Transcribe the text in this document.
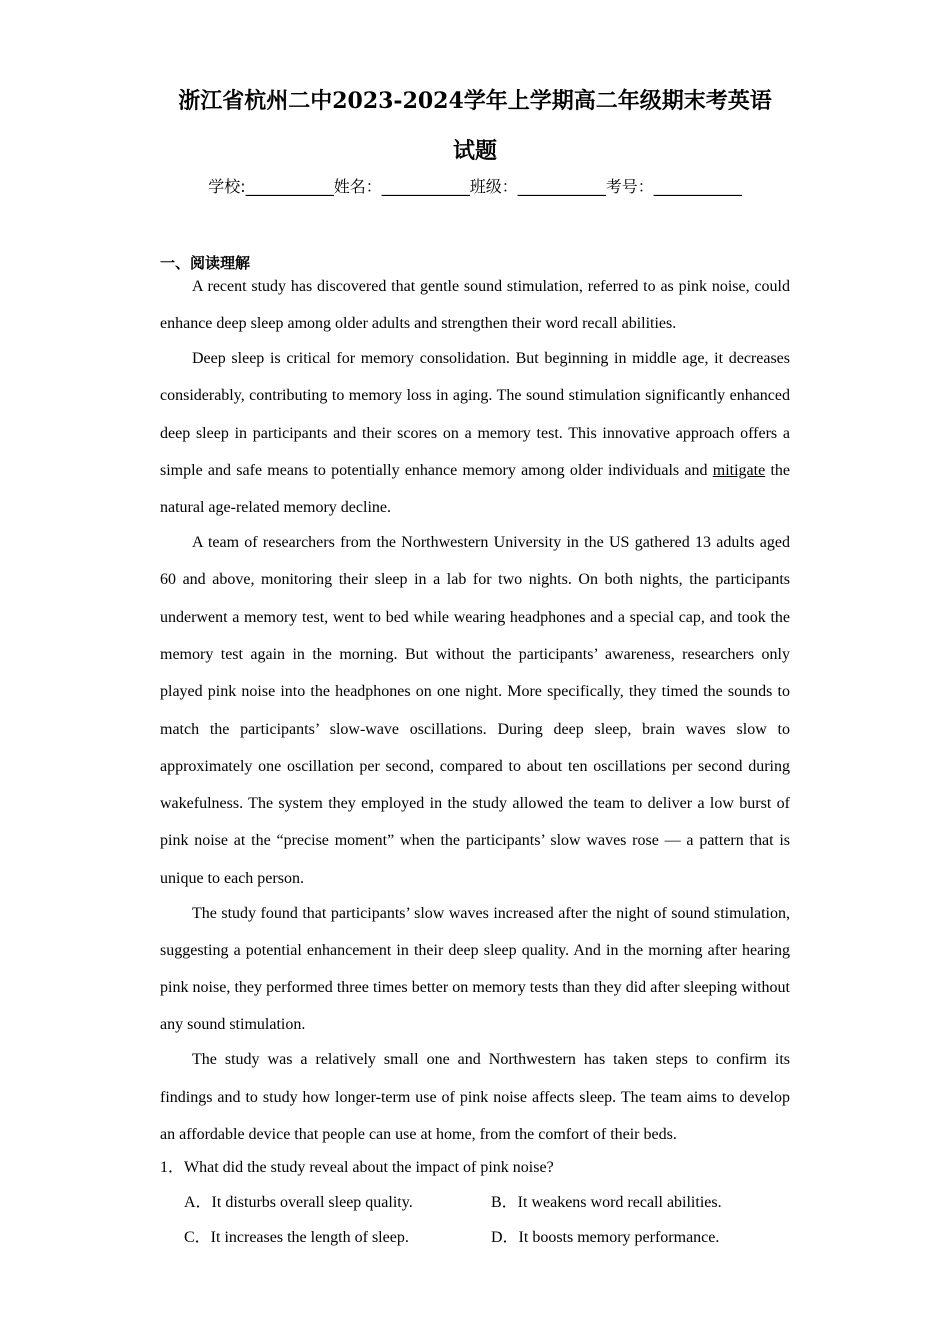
浙江省杭州二中2023-2024学年上学期高二年级期末考英语
试题
学校:___________姓名：___________班级：___________考号：___________
一、阅读理解

A recent study has discovered that gentle sound stimulation, referred to as pink noise, could enhance deep sleep among older adults and strengthen their word recall abilities.

Deep sleep is critical for memory consolidation. But beginning in middle age, it decreases considerably, contributing to memory loss in aging. The sound stimulation significantly enhanced deep sleep in participants and their scores on a memory test. This innovative approach offers a simple and safe means to potentially enhance memory among older individuals and mitigate the natural age-related memory decline.

A team of researchers from the Northwestern University in the US gathered 13 adults aged 60 and above, monitoring their sleep in a lab for two nights. On both nights, the participants underwent a memory test, went to bed while wearing headphones and a special cap, and took the memory test again in the morning. But without the participants’ awareness, researchers only played pink noise into the headphones on one night. More specifically, they timed the sounds to match the participants’ slow-wave oscillations. During deep sleep, brain waves slow to approximately one oscillation per second, compared to about ten oscillations per second during wakefulness. The system they employed in the study allowed the team to deliver a low burst of pink noise at the “precise moment” when the participants’ slow waves rose — a pattern that is unique to each person.

The study found that participants’ slow waves increased after the night of sound stimulation, suggesting a potential enhancement in their deep sleep quality. And in the morning after hearing pink noise, they performed three times better on memory tests than they did after sleeping without any sound stimulation.

The study was a relatively small one and Northwestern has taken steps to confirm its findings and to study how longer-term use of pink noise affects sleep. The team aims to develop an affordable device that people can use at home, from the comfort of their beds.

1．What did the study reveal about the impact of pink noise?

A．It disturbs overall sleep quality.	B．It weakens word recall abilities.
C．It increases the length of sleep.	D．It boosts memory performance.
